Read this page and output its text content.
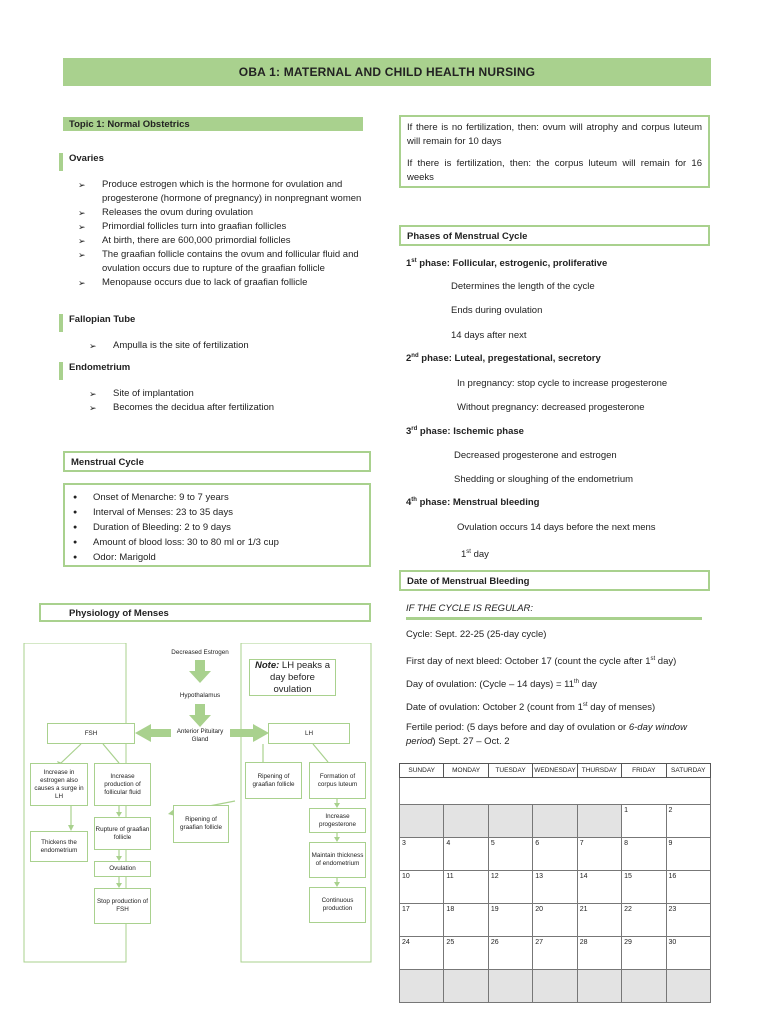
OBA 1: MATERNAL AND CHILD HEALTH NURSING
Topic 1: Normal Obstetrics
Ovaries
➢ Produce estrogen which is the hormone for ovulation and progesterone (hormone of pregnancy) in nonpregnant women
➢ Releases the ovum during ovulation
➢ Primordial follicles turn into graafian follicles
➢ At birth, there are 600,000 primordial follicles
➢ The graafian follicle contains the ovum and follicular fluid and ovulation occurs due to rupture of the graafian follicle
➢ Menopause occurs due to lack of graafian follicle
Fallopian Tube
➢ Ampulla is the site of fertilization
Endometrium
➢ Site of implantation
➢ Becomes the decidua after fertilization
Menstrual Cycle
● Onset of Menarche: 9 to 7 years
● Interval of Menses: 23 to 35 days
● Duration of Bleeding: 2 to 9 days
● Amount of blood loss: 30 to 80 ml or 1/3 cup
● Odor: Marigold
Physiology of Menses
Decreased Estrogen
Hypothalamus
Anterior Pituitary Gland
FSH	LH
Note: LH peaks a
day before ovulation
Increase in estrogen also causes a surge in LH
Increase production of follicular fluid
Thickens the endometrium
Rupture of graafian follicle
Ovulation
Stop production of FSH
Ripening of graafian follicle
Ripening of graafian follicle
Formation of corpus luteum
Increase progesterone
Maintain thickness of endometrium
Continuous production
If there is no fertilization, then: ovum will atrophy and corpus luteum will remain for 10 days
If there is fertilization, then: the corpus luteum will remain for 16 weeks
Phases of Menstrual Cycle
1st phase: Follicular, estrogenic, proliferative
Determines the length of the cycle
Ends during ovulation
14 days after next
2nd phase: Luteal, pregestational, secretory
In pregnancy: stop cycle to increase progesterone
Without pregnancy: decreased progesterone
3rd phase: Ischemic phase
Decreased progesterone and estrogen
Shedding or sloughing of the endometrium
4th phase: Menstrual bleeding
Ovulation occurs 14 days before the next mens
1st day
Date of Menstrual Bleeding
IF THE CYCLE IS REGULAR:
Cycle: Sept. 22-25 (25-day cycle)
First day of next bleed: October 17 (count the cycle after 1st day)
Day of ovulation: (Cycle – 14 days) = 11th day
Date of ovulation: October 2 (count from 1st day of menses)
Fertile period: (5 days before and day of ovulation or 6-day window period) Sept. 27 – Oct. 2
SUNDAY	MONDAY	TUESDAY	WEDNESDAY	THURSDAY	FRIDAY	SATURDAY

					1	2
3	4	5	6	7	8	9
10	11	12	13	14	15	16
17	18	19	20	21	22	23
24	25	26	27	28	29	30
